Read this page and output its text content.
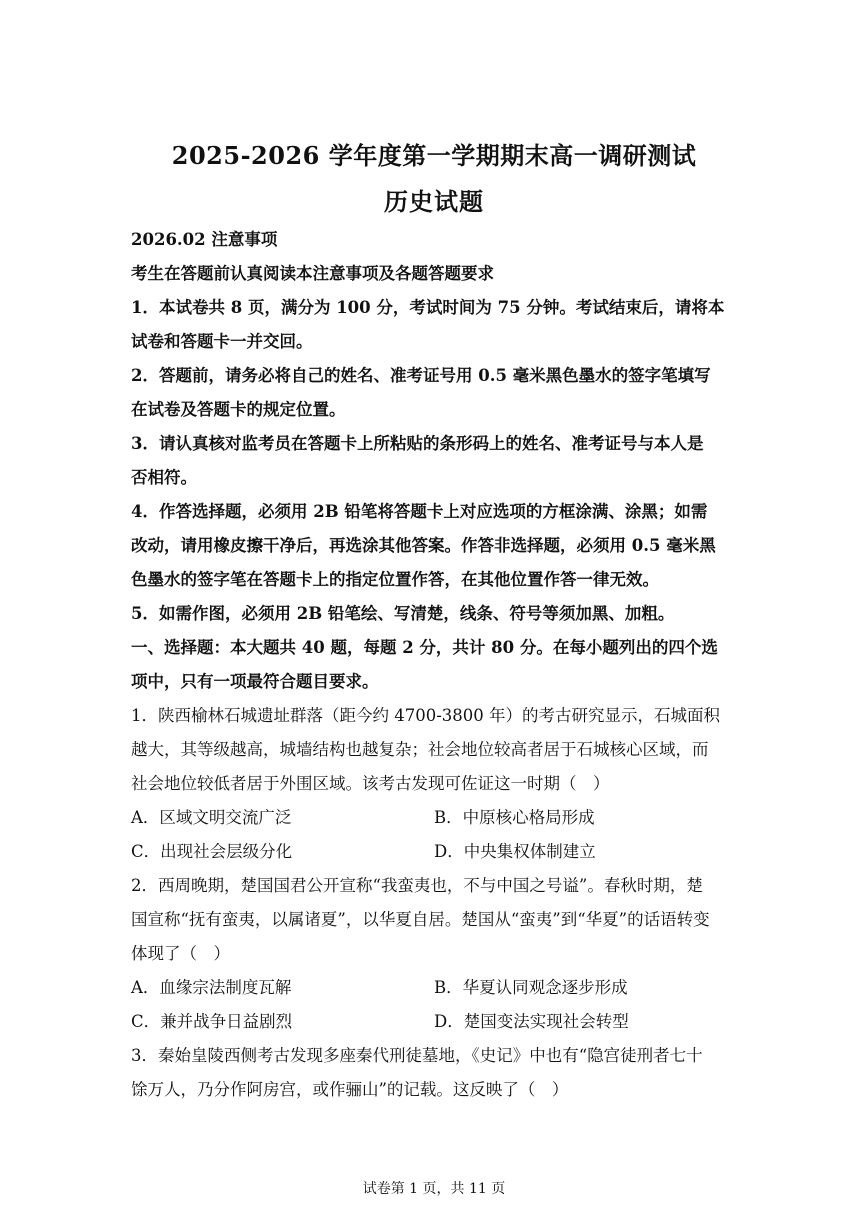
2025-2026 学年度第一学期期末高一调研测试
历史试题
2026.02 注意事项
考生在答题前认真阅读本注意事项及各题答题要求
1．本试卷共 8 页，满分为 100 分，考试时间为 75 分钟。考试结束后，请将本
试卷和答题卡一并交回。
2．答题前，请务必将自己的姓名、准考证号用 0.5 毫米黑色墨水的签字笔填写
在试卷及答题卡的规定位置。
3．请认真核对监考员在答题卡上所粘贴的条形码上的姓名、准考证号与本人是
否相符。
4．作答选择题，必须用 2B 铅笔将答题卡上对应选项的方框涂满、涂黑；如需
改动，请用橡皮擦干净后，再选涂其他答案。作答非选择题，必须用 0.5 毫米黑
色墨水的签字笔在答题卡上的指定位置作答，在其他位置作答一律无效。
5．如需作图，必须用 2B 铅笔绘、写清楚，线条、符号等须加黑、加粗。
一、选择题：本大题共 40 题，每题 2 分，共计 80 分。在每小题列出的四个选
项中，只有一项最符合题目要求。
1．陕西榆林石城遗址群落（距今约 4700-3800 年）的考古研究显示，石城面积
越大，其等级越高，城墙结构也越复杂；社会地位较高者居于石城核心区域，而
社会地位较低者居于外围区域。该考古发现可佐证这一时期（　）
A．区域文明交流广泛	B．中原核心格局形成
C．出现社会层级分化	D．中央集权体制建立
2．西周晚期，楚国国君公开宣称“我蛮夷也，不与中国之号谥”。春秋时期，楚
国宣称“抚有蛮夷，以属诸夏”，以华夏自居。楚国从“蛮夷”到“华夏”的话语转变
体现了（　）
A．血缘宗法制度瓦解	B．华夏认同观念逐步形成
C．兼并战争日益剧烈	D．楚国变法实现社会转型
3．秦始皇陵西侧考古发现多座秦代刑徒墓地，《史记》中也有“隐宫徒刑者七十
馀万人，乃分作阿房宫，或作骊山”的记载。这反映了（　）
试卷第 1 页，共 11 页
